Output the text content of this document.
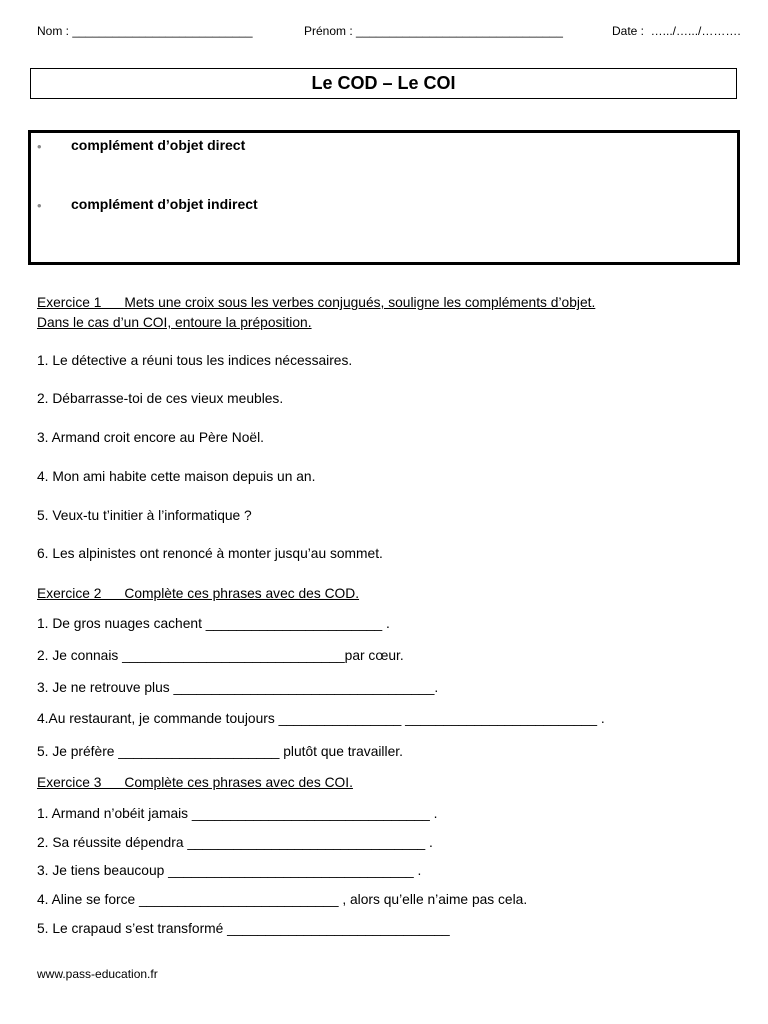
Nom : ___________________________	Prénom : _______________________________	Date :  ….../….../……….
Le COD – Le COI
• complément d’objet direct
• complément d’objet indirect
Exercice 1      Mets une croix sous les verbes conjugués, souligne les compléments d’objet.
Dans le cas d’un COI, entoure la préposition.
1. Le détective a réuni tous les indices nécessaires.
2. Débarrasse-toi de ces vieux meubles.
3. Armand croit encore au Père Noël.
4. Mon ami habite cette maison depuis un an.
5. Veux-tu t’initier à l’informatique ?
6. Les alpinistes ont renoncé à monter jusqu’au sommet.
Exercice 2      Complète ces phrases avec des COD.
1. De gros nuages cachent _______________________ .
2. Je connais _____________________________par cœur.
3. Je ne retrouve plus __________________________________.
4.Au restaurant, je commande toujours ________________ _________________________ .
5. Je préfère _____________________ plutôt que travailler.
Exercice 3      Complète ces phrases avec des COI.
1. Armand n’obéit jamais _______________________________ .
2. Sa réussite dépendra _______________________________ .
3. Je tiens beaucoup ________________________________ .
4. Aline se force __________________________ , alors qu’elle n’aime pas cela.
5. Le crapaud s’est transformé _____________________________
www.pass-education.fr
